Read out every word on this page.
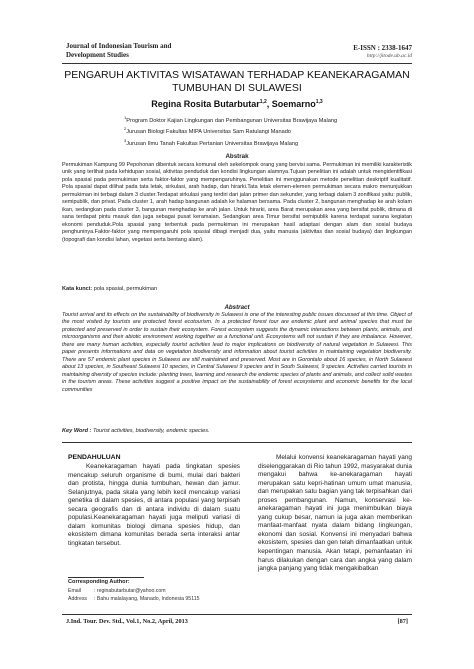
Journal of Indonesian Tourism and
Development Studies
E-ISSN : 2338-1647
http://jitode.ub.ac.id
PENGARUH AKTIVITAS WISATAWAN TERHADAP KEANEKARAGAMAN
TUMBUHAN DI SULAWESI
Regina Rosita Butarbutar$^{1,2}$, Soemarno$^{1,3}$
$^1$Program Doktor Kajian Lingkungan dan Pembangunan Universitas Brawijaya Malang
$^2$Jurusan Biologi Fakultas MIPA Universitas Sam Ratulangi Manado
$^3$Jurusan Ilmu Tanah Fakultas Pertanian Universitas Brawijaya Malang
Abstrak
Permukiman Kampung 99 Pepohonan dibentuk secara komunal oleh sekelompok orang yang bervisi sama. Permukiman ini memiliki karakteristik unik yang terlihat pada kehidupan sosial, aktivitas penduduk dan kondisi lingkungan alamnya.Tujuan penelitian ini adalah untuk mengidentifikasi pola spasial pada permukiman serta faktor-faktor yang mempengaruhinya. Penelitian ini menggunakan metode penelitian deskriptif kualitatif. Pola spasial dapat dilihat pada tata letak, sirkulasi, arah hadap, dan hirarki.Tata letak elemen-elemen permukiman secara makro menunjukkan permukiman ini terbagi dalam 3 cluster.Terdapat sirkulasi yang terdiri dari jalan primer dan sekunder, yang terbagi dalam 3 zonifikasi yaitu: publik, semipublik, dan privat. Pada cluster 1, arah hadap bangunan adalah ke halaman bersama. Pada cluster 2, bangunan menghadap ke arah kolam ikan, sedangkan pada cluster 3, bangunan menghadap ke arah jalan. Untuk hirarki, area Barat merupakan area yang bersifat publik, dimana di sana terdapat pintu masuk dan juga sebagai pusat keramaian. Sedangkan area Timur bersifat semipublik karena terdapat sarana kegiatan ekonomi penduduk.Pola spasial yang terbentuk pada permukiman ini merupakan hasil adaptasi dengan alam dan sosial budaya penghuninya.Faktor-faktor yang mempengaruhi pola spasial dibagi menjadi dua, yaitu manusia (aktivitas dan sosial budaya) dan lingkungan (topografi dan kondisi lahan, vegetasi serta bentang alam).
Kata kunci: pola spasial, permukiman
Abstract
Tourist arrival and its effects on the sustainability of biodiversity in Sulawesi is one of the interesting public issues discussed at this time. Object of the most visited by tourists are protected forest ecotourism. In a protected forest tour are endemic plant and animal species that must be protected and preserved in order to sustain their ecosystem. Forest ecosystem suggests the dynamic interactions between plants, animals, and microorganisms and their abiotic environment working together as a functional unit. Ecosystems will not sustain if they are imbalance. However, there are many human activities, especially tourist activities lead to major implications on biodiversity of natural vegetation in Sulawesi. This paper presents informations and data on vegetation biodiversity and information about tourist activities in maintaining vegetation biodiversity. There are 57 endemic plant species in Sulawesi are still maintained and preserved. Most are in Gorontalo about 16 species, in North Sulawesi about 13 species, in Southeast Sulawesi 10 species, in Central Sulawesi 9 species and in South Sulawesi, 9 species. Activities carried tourists in maintaining diversity of species include: planting trees, learning and research the endemic species of plants and animals, and collect solid wastes in the tourism areas. These activities suggest a positive impact on the sustainability of forest ecosystems and economic benefits for the local communities
Key Word : Tourist activities, biodiversity, endemic species.
PENDAHULUAN
Keanekaragaman hayati pada tingkatan spesies mencakup seluruh organisme di bumi, mulai dari bakteri dan protista, hingga dunia tumbuhan, hewan dan jamur. Selanjutnya, pada skala yang lebih kecil mencakup variasi genetika di dalam spesies, di antara populasi yang terpisah secara geografis dan di antara individu di dalam suatu populasi.Keanekaragaman hayati juga meliputi variasi di dalam komunitas biologi dimana spesies hidup, dan ekosistem dimana komunitas berada serta interaksi antar tingkatan tersebut.
Melalui konvensi keanekaragaman hayati yang diselenggarakan di Rio tahun 1992, masyarakat dunia mengakui bahwa ke-anekaragaman hayati merupakan satu kepri-hatinan umum umat manusia, dan merupakan satu bagian yang tak terpisahkan dari proses pembangunan. Namun, konservasi ke-anekaragaman hayati ini juga menimbulkan biaya yang cukup besar, namun ia juga akan memberikan manfaat-manfaat nyata dalam bidang lingkungan, ekonomi dan sosial. Konvensi ini menyadari bahwa ekosistem, spesies dan gen telah dimanfaatkan untuk kepentingan manusia. Akan tetapi, pemanfaatan ini harus dilakukan dengan cara dan angka yang dalam jangka panjang yang tidak mengakibatkan
Corresponding Author:
Email	: reginabutarbutar@yahoo.com
Address : Bahu malalayang, Manado, Indonesia 95115
J.Ind. Tour. Dev. Std., Vol.1, No.2, April, 2013	[87]
